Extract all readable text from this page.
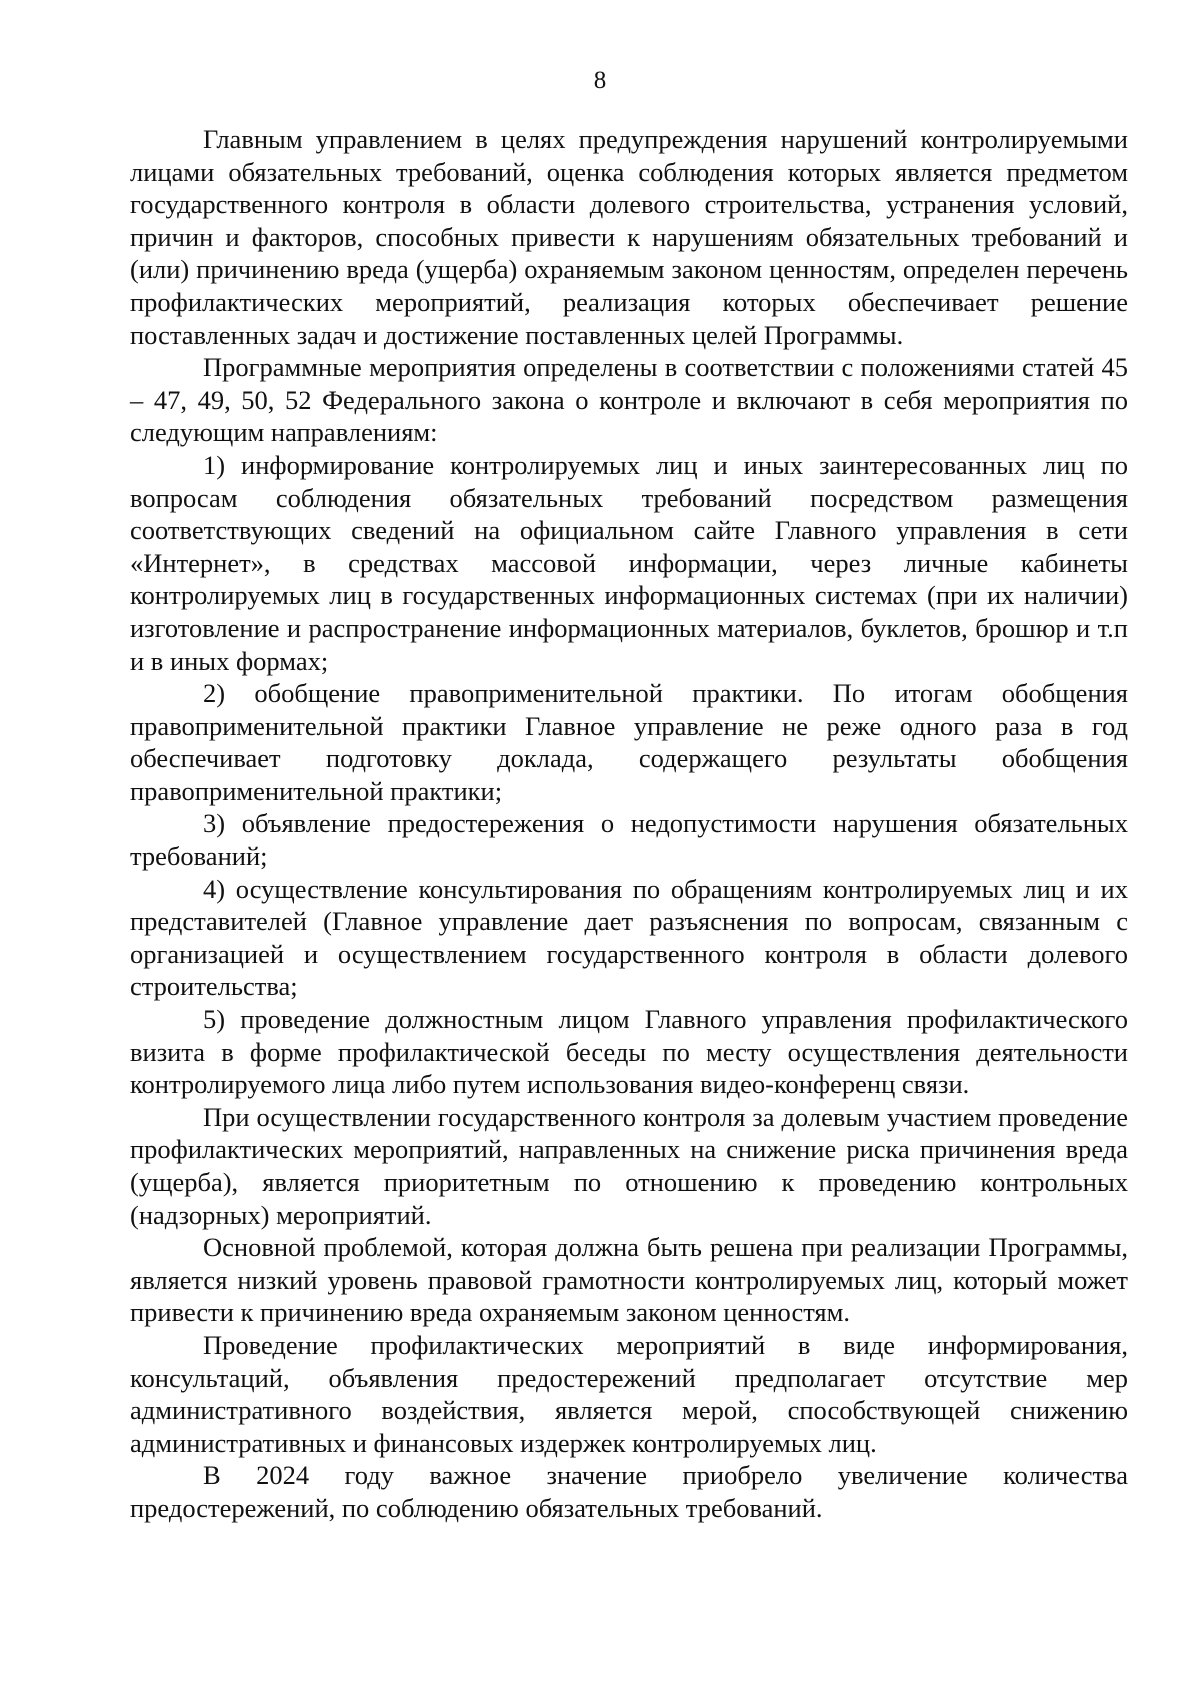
8

Главным управлением в целях предупреждения нарушений контролируемыми лицами обязательных требований, оценка соблюдения которых является предметом государственного контроля в области долевого строительства, устранения условий, причин и факторов, способных привести к нарушениям обязательных требований и (или) причинению вреда (ущерба) охраняемым законом ценностям, определен перечень профилактических мероприятий, реализация которых обеспечивает решение поставленных задач и достижение поставленных целей Программы.

Программные мероприятия определены в соответствии с положениями статей 45 – 47, 49, 50, 52 Федерального закона о контроле и включают в себя мероприятия по следующим направлениям:

1) информирование контролируемых лиц и иных заинтересованных лиц по вопросам соблюдения обязательных требований посредством размещения соответствующих сведений на официальном сайте Главного управления в сети «Интернет», в средствах массовой информации, через личные кабинеты контролируемых лиц в государственных информационных системах (при их наличии) изготовление и распространение информационных материалов, буклетов, брошюр и т.п и в иных формах;

2) обобщение правоприменительной практики. По итогам обобщения правоприменительной практики Главное управление не реже одного раза в год обеспечивает подготовку доклада, содержащего результаты обобщения правоприменительной практики;

3) объявление предостережения о недопустимости нарушения обязательных требований;

4) осуществление консультирования по обращениям контролируемых лиц и их представителей (Главное управление дает разъяснения по вопросам, связанным с организацией и осуществлением государственного контроля в области долевого строительства;

5) проведение должностным лицом Главного управления профилактического визита в форме профилактической беседы по месту осуществления деятельности контролируемого лица либо путем использования видео-конференц связи.

При осуществлении государственного контроля за долевым участием проведение профилактических мероприятий, направленных на снижение риска причинения вреда (ущерба), является приоритетным по отношению к проведению контрольных (надзорных) мероприятий.

Основной проблемой, которая должна быть решена при реализации Программы, является низкий уровень правовой грамотности контролируемых лиц, который может привести к причинению вреда охраняемым законом ценностям.

Проведение профилактических мероприятий в виде информирования, консультаций, объявления предостережений предполагает отсутствие мер административного воздействия, является мерой, способствующей снижению административных и финансовых издержек контролируемых лиц.

В 2024 году важное значение приобрело увеличение количества предостережений, по соблюдению обязательных требований.
